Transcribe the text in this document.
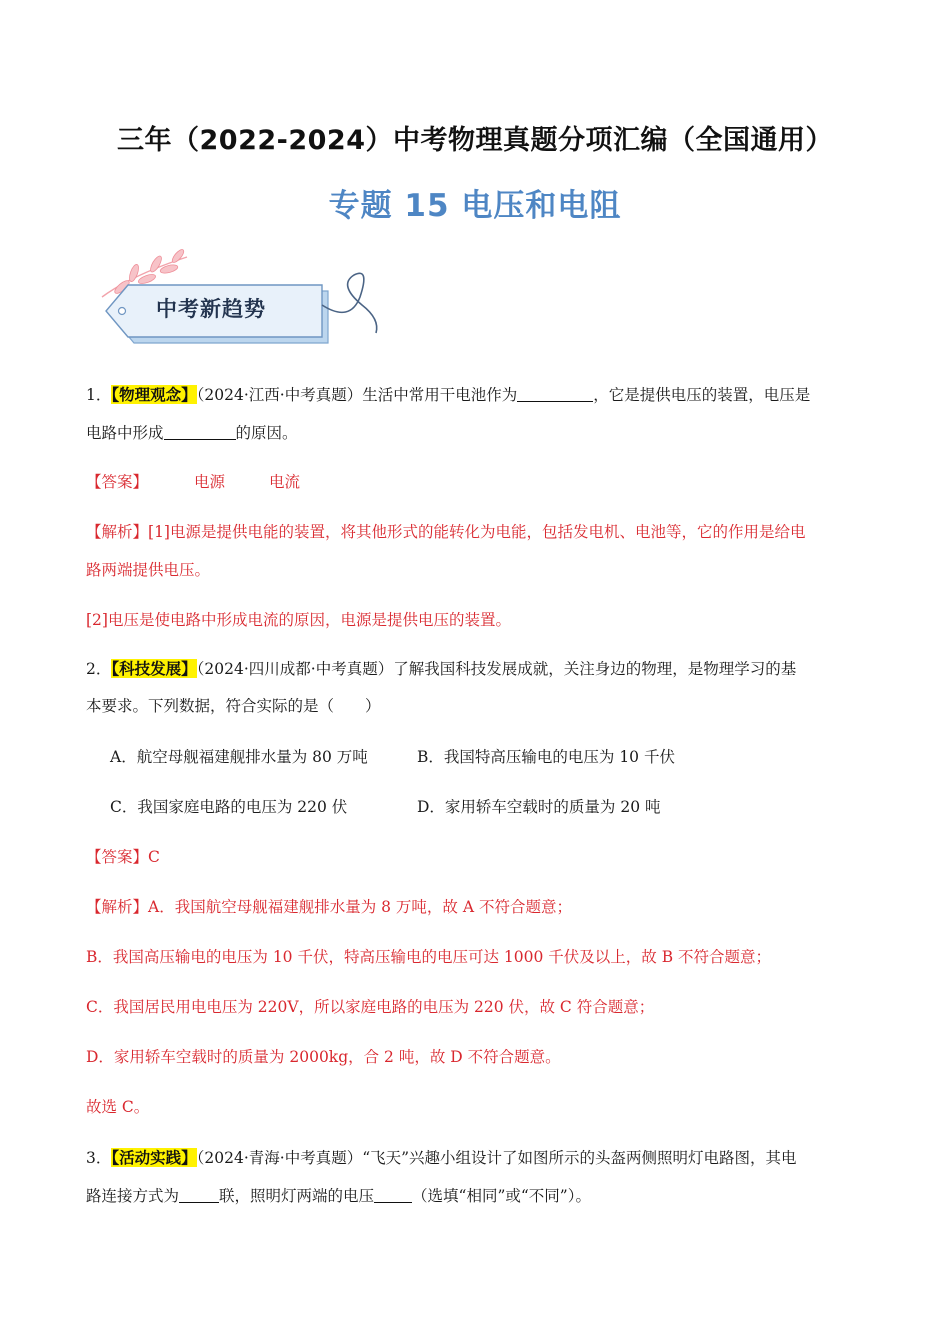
三年（2022-2024）中考物理真题分项汇编（全国通用）
专题 15 电压和电阻
中考新趋势
1．【物理观念】（2024·江西·中考真题）生活中常用干电池作为	，它是提供电压的装置，电压是
电路中形成	的原因。
【答案】	电源	电流
【解析】[1]电源是提供电能的装置，将其他形式的能转化为电能，包括发电机、电池等，它的作用是给电
路两端提供电压。
[2]电压是使电路中形成电流的原因，电源是提供电压的装置。
2．【科技发展】（2024·四川成都·中考真题）了解我国科技发展成就，关注身边的物理，是物理学习的基
本要求。下列数据，符合实际的是（　　）
A．航空母舰福建舰排水量为 80 万吨	B．我国特高压输电的电压为 10 千伏
C．我国家庭电路的电压为 220 伏	D．家用轿车空载时的质量为 20 吨
【答案】C
【解析】A．我国航空母舰福建舰排水量为 8 万吨，故 A 不符合题意；
B．我国高压输电的电压为 10 千伏，特高压输电的电压可达 1000 千伏及以上，故 B 不符合题意；
C．我国居民用电电压为 220V，所以家庭电路的电压为 220 伏，故 C 符合题意；
D．家用轿车空载时的质量为 2000kg，合 2 吨，故 D 不符合题意。
故选 C。
3．【活动实践】（2024·青海·中考真题）“飞天”兴趣小组设计了如图所示的头盔两侧照明灯电路图，其电
路连接方式为	联，照明灯两端的电压 （选填“相同”或“不同”）。
